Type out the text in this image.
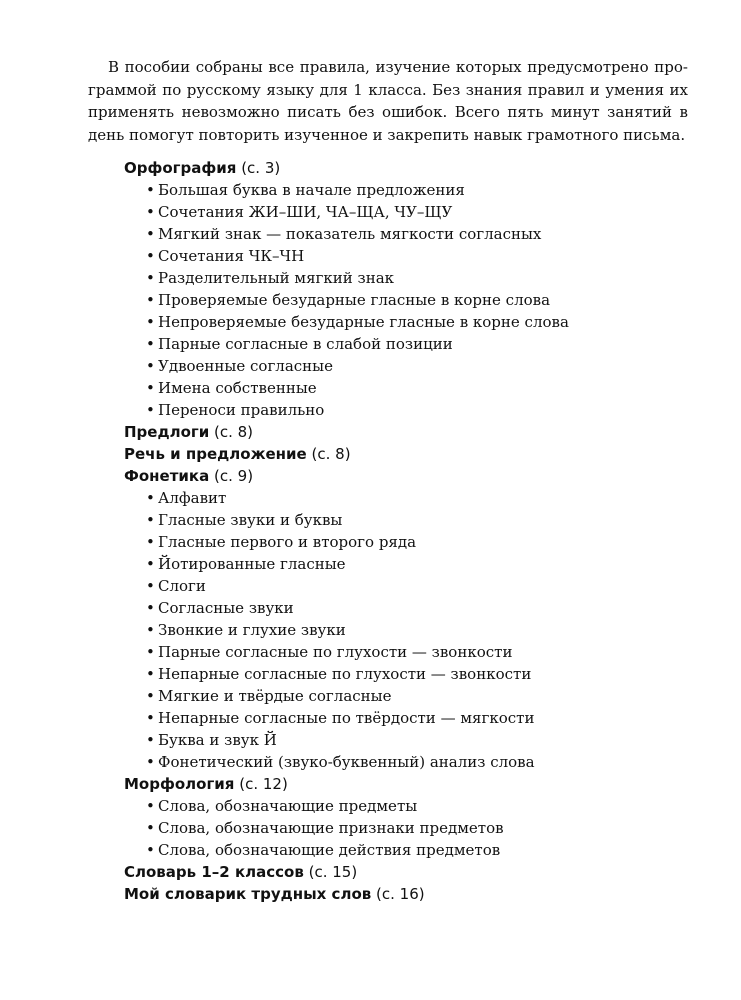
В пособии собраны все правила, изучение которых предусмотрено про-
граммой по русскому языку для 1 класса. Без знания правил и умения их
применять невозможно писать без ошибок. Всего пять минут занятий в
день помогут повторить изученное и закрепить навык грамотного письма.

Орфография (с. 3)
• Большая буква в начале предложения
• Сочетания ЖИ–ШИ, ЧА–ЩА, ЧУ–ЩУ
• Мягкий знак — показатель мягкости согласных
• Сочетания ЧК–ЧН
• Разделительный мягкий знак
• Проверяемые безударные гласные в корне слова
• Непроверяемые безударные гласные в корне слова
• Парные согласные в слабой позиции
• Удвоенные согласные
• Имена собственные
• Переноси правильно
Предлоги (с. 8)
Речь и предложение (с. 8)
Фонетика (с. 9)
• Алфавит
• Гласные звуки и буквы
• Гласные первого и второго ряда
• Йотированные гласные
• Слоги
• Согласные звуки
• Звонкие и глухие звуки
• Парные согласные по глухости — звонкости
• Непарные согласные по глухости — звонкости
• Мягкие и твёрдые согласные
• Непарные согласные по твёрдости — мягкости
• Буква и звук Й
• Фонетический (звуко-буквенный) анализ слова
Морфология (с. 12)
• Слова, обозначающие предметы
• Слова, обозначающие признаки предметов
• Слова, обозначающие действия предметов
Словарь 1–2 классов (с. 15)
Мой словарик трудных слов (с. 16)
